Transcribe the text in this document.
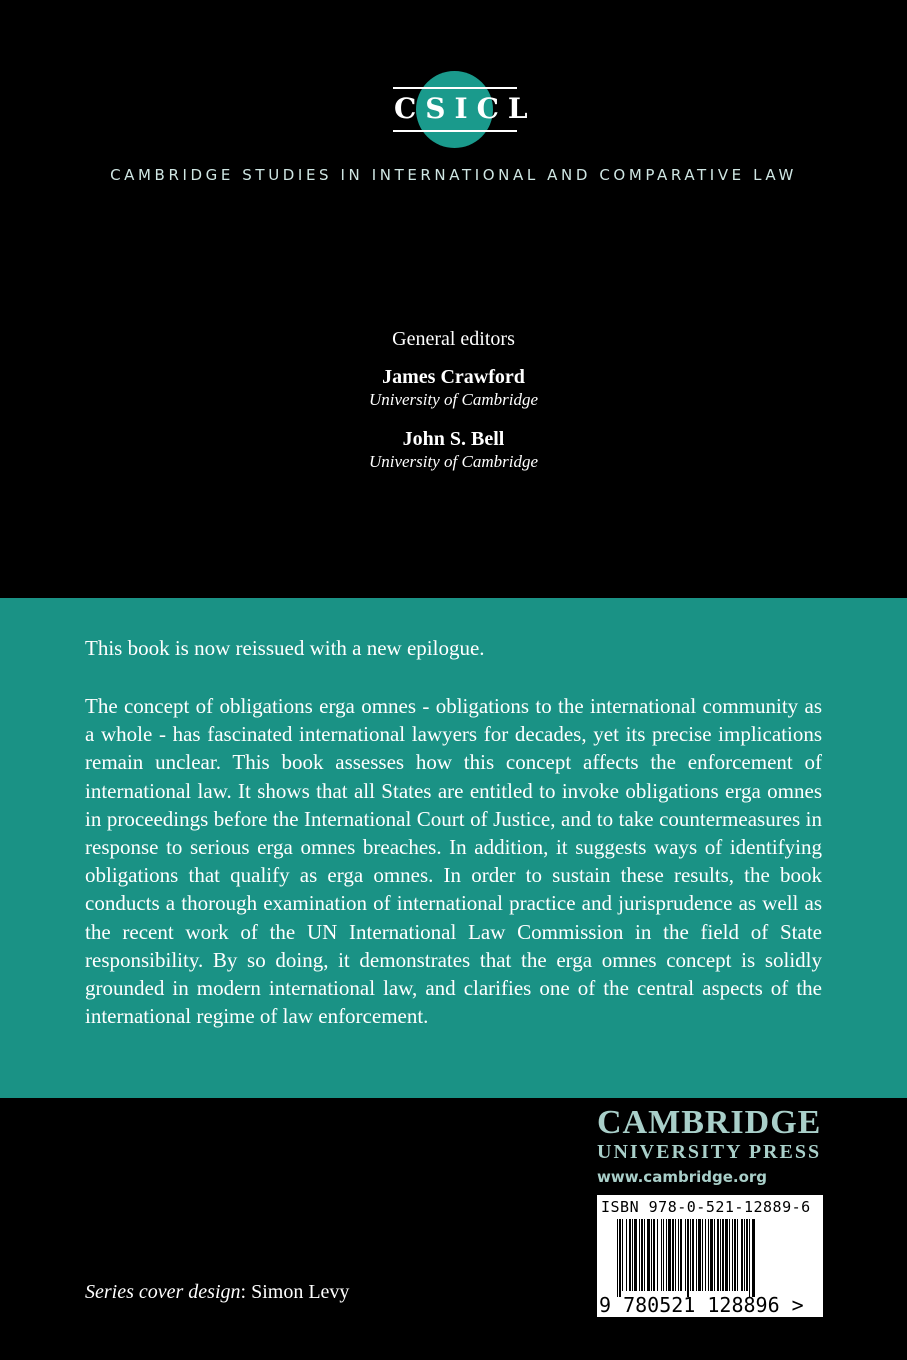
CSICL
CAMBRIDGE STUDIES IN INTERNATIONAL AND COMPARATIVE LAW
General editors
James Crawford
University of Cambridge
John S. Bell
University of Cambridge

This book is now reissued with a new epilogue.

The concept of obligations erga omnes - obligations to the international community as a whole - has fascinated international lawyers for decades, yet its precise implications remain unclear. This book assesses how this concept affects the enforcement of international law. It shows that all States are entitled to invoke obligations erga omnes in proceedings before the International Court of Justice, and to take countermeasures in response to serious erga omnes breaches. In addition, it suggests ways of identifying obligations that qualify as erga omnes. In order to sustain these results, the book conducts a thorough examination of international practice and jurisprudence as well as the recent work of the UN International Law Commission in the field of State responsibility. By so doing, it demonstrates that the erga omnes concept is solidly grounded in modern international law, and clarifies one of the central aspects of the international regime of law enforcement.

CAMBRIDGE
UNIVERSITY PRESS
www.cambridge.org
ISBN 978-0-521-12889-6
9 780521 128896 >
Series cover design: Simon Levy
